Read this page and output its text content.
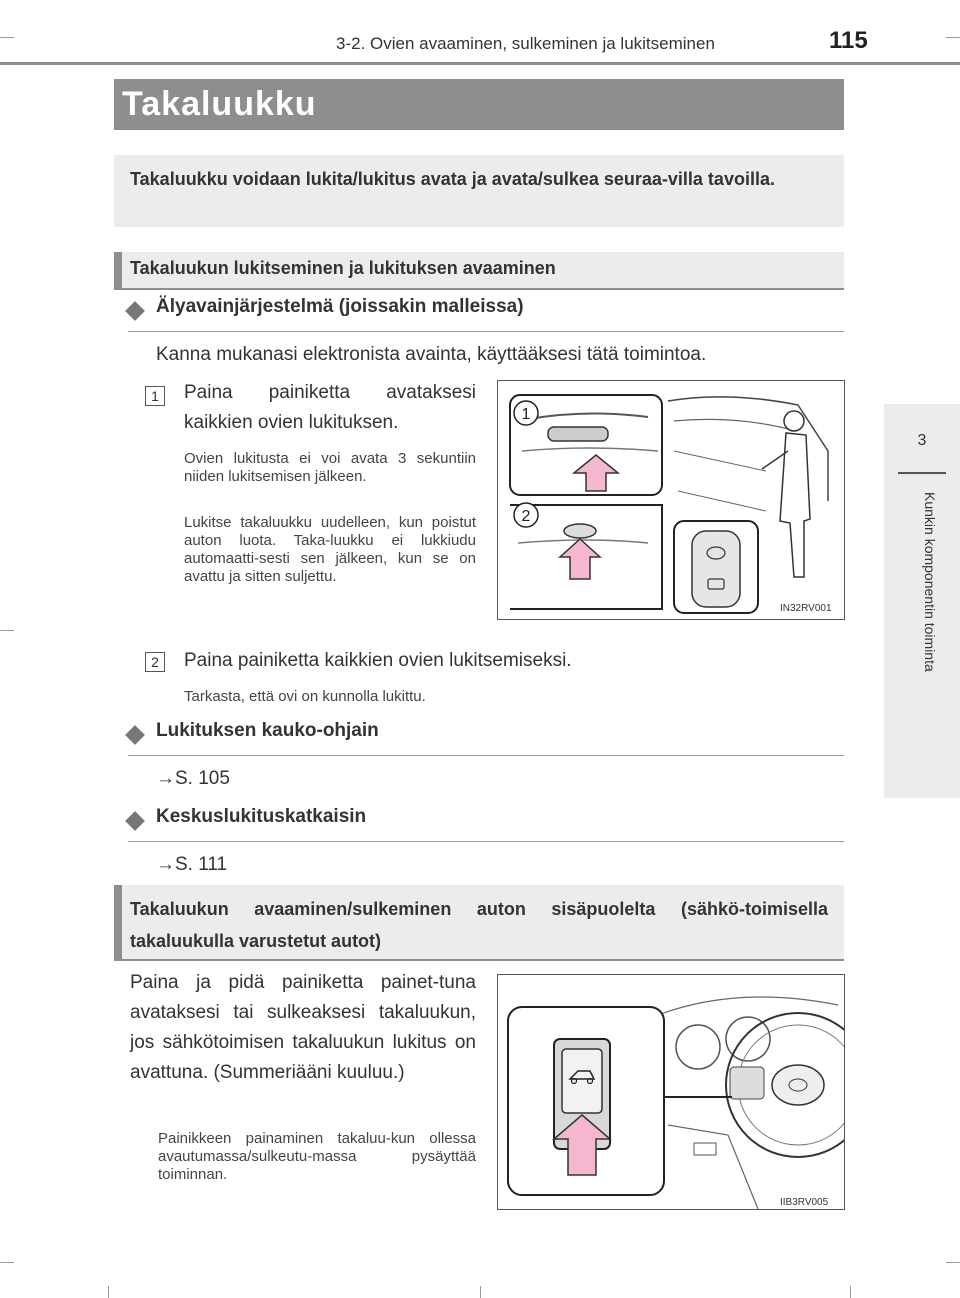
3-2. Ovien avaaminen, sulkeminen ja lukitseminen	115
3
Kunkin komponentin toiminta
Takaluukku
Takaluukku voidaan lukita/lukitus avata ja avata/sulkea seuraa-villa tavoilla.
Takaluukun lukitseminen ja lukituksen avaaminen
Älyavainjärjestelmä (joissakin malleissa)
Kanna mukanasi elektronista avainta, käyttääksesi tätä toimintoa.
1	Paina painiketta avataksesi kaikkien ovien lukituksen.
Ovien lukitusta ei voi avata 3 sekuntiin niiden lukitsemisen jälkeen.
Lukitse takaluukku uudelleen, kun poistut auton luota. Taka-luukku ei lukkiudu automaatti-sesti sen jälkeen, kun se on avattu ja sitten suljettu.
1
2
IN32RV001
2	Paina painiketta kaikkien ovien lukitsemiseksi.
Tarkasta, että ovi on kunnolla lukittu.
Lukituksen kauko-ohjain
→S. 105
Keskuslukituskatkaisin
→S. 111
Takaluukun avaaminen/sulkeminen auton sisäpuolelta (sähkö-toimisella takaluukulla varustetut autot)
Paina ja pidä painiketta painet-tuna avataksesi tai sulkeaksesi takaluukun, jos sähkötoimisen takaluukun lukitus on avattuna. (Summeriääni kuuluu.)
Painikkeen painaminen takaluu-kun ollessa avautumassa/sulkeutu-massa pysäyttää toiminnan.
IIB3RV005
